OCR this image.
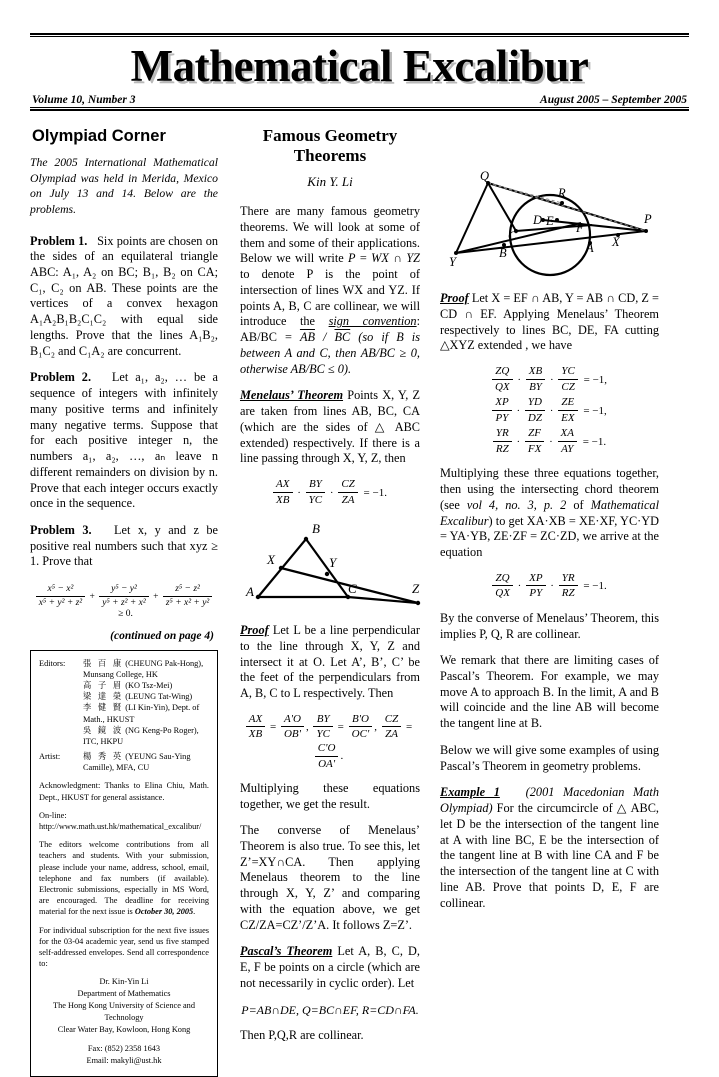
Mathematical Excalibur
Volume 10, Number 3	August 2005 – September 2005
Olympiad Corner
The 2005 International Mathematical Olympiad was held in Merida, Mexico on July 13 and 14. Below are the problems.

Problem 1. Six points are chosen on the sides of an equilateral triangle ABC: A₁, A₂ on BC; B₁, B₂ on CA; C₁, C₂ on AB. These points are the vertices of a convex hexagon A₁A₂B₁B₂C₁C₂ with equal side lengths. Prove that the lines A₁B₂, B₁C₂ and C₁A₂ are concurrent.

Problem 2. Let a₁, a₂, … be a sequence of integers with infinitely many positive terms and infinitely many negative terms. Suppose that for each positive integer n, the numbers a₁, a₂, …, aₙ leave n different remainders on division by n. Prove that each integer occurs exactly once in the sequence.

Problem 3. Let x, y and z be positive real numbers such that xyz ≥ 1. Prove that

$\frac{\text{x⁵ − x²}}{\text{x⁵ + y² + z²}} + \frac{\text{y⁵ − y²}}{\text{y⁵ + z² + x²}} + \frac{\text{z⁵ − z²}}{\text{z⁵ + x² + y²}}$
≥ 0.
(continued on page 4)
Editors:	張 百 康 (CHEUNG Pak-Hong), Munsang College, HK
高 子 眉 (KO Tsz-Mei)
梁 達 榮 (LEUNG Tat-Wing)
李 健 賢 (LI Kin-Yin), Dept. of Math., HKUST
吳 鏡 波 (NG Keng-Po Roger), ITC, HKPU
Artist:	楊 秀 英 (YEUNG Sau-Ying Camille), MFA, CU
Acknowledgment: Thanks to Elina Chiu, Math. Dept., HKUST for general assistance.
On-line:
http://www.math.ust.hk/mathematical_excalibur/
The editors welcome contributions from all teachers and students. With your submission, please include your name, address, school, email, telephone and fax numbers (if available). Electronic submissions, especially in MS Word, are encouraged. The deadline for receiving material for the next issue is October 30, 2005.
For individual subscription for the next five issues for the 03-04 academic year, send us five stamped self-addressed envelopes. Send all correspondence to:
Dr. Kin-Yin Li
Department of Mathematics
The Hong Kong University of Science and Technology
Clear Water Bay, Kowloon, Hong Kong
Fax: (852) 2358 1643
Email: makyli@ust.hk
Famous Geometry Theorems
Kin Y. Li

There are many famous geometry theorems. We will look at some of them and some of their applications. Below we will write P = WX ∩ YZ to denote P is the point of intersection of lines WX and YZ. If points A, B, C are collinear, we will introduce the sign convention: $AB/BC = \overline{AB} / \overline{BC}$ (so if B is between A and C, then AB/BC ≥ 0, otherwise AB/BC ≤ 0).

Menelaus’ Theorem Points X, Y, Z are taken from lines AB, BC, CA (which are the sides of △ ABC extended) respectively. If there is a line passing through X, Y, Z, then

$\frac{AX}{XB} \cdot \frac{BY}{YC} \cdot \frac{CZ}{ZA} = -1$.
A
B
C
X	Y
Z

Proof Let L be a line perpendicular to the line through X, Y, Z and intersect it at O. Let A’, B’, C’ be the feet of the perpendiculars from A, B, C to L respectively. Then

$\frac{AX}{XB} = \frac{A'O}{OB'}$ , $\frac{BY}{YC} = \frac{B'O}{OC'}$ , $\frac{CZ}{ZA}$ =
$\frac{C'O}{OA'}$ .

Multiplying these equations together, we get the result.

The converse of Menelaus’ Theorem is also true. To see this, let Z’=XY∩CA. Then applying Menelaus theorem to the line through X, Y, Z’ and comparing with the equation above, we get CZ/ZA=CZ’/Z’A. It follows Z=Z’.

Pascal’s Theorem Let A, B, C, D, E, F be points on a circle (which are not necessarily in cyclic order). Let

P=AB∩DE, Q=BC∩EF, R=CD∩FA.

Then P,Q,R are collinear.

Q
R
P
C
D E F
A
B
X
Y

Proof Let X = EF ∩ AB, Y = AB ∩ CD, Z = CD ∩ EF. Applying Menelaus’ Theorem respectively to lines BC, DE, FA cutting △XYZ extended , we have

$\frac{ZQ}{QX} \cdot \frac{XB}{BY} \cdot \frac{YC}{CZ} = -1$,
$\frac{XP}{PY} \cdot \frac{YD}{DZ} \cdot \frac{ZE}{EX} = -1$,
$\frac{YR}{RZ} \cdot \frac{ZF}{FX} \cdot \frac{XA}{AY} = -1$.

Multiplying these three equations together, then using the intersecting chord theorem (see vol 4, no. 3, p. 2 of Mathematical Excalibur) to get XA·XB = XE·XF, YC·YD = YA·YB, ZE·ZF = ZC·ZD, we arrive at the equation

$\frac{ZQ}{QX} \cdot \frac{XP}{PY} \cdot \frac{YR}{RZ} = -1$.

By the converse of Menelaus’ Theorem, this implies P, Q, R are collinear.

We remark that there are limiting cases of Pascal’s Theorem. For example, we may move A to approach B. In the limit, A and B will coincide and the line AB will become the tangent line at B.

Below we will give some examples of using Pascal’s Theorem in geometry problems.

Example 1 (2001 Macedonian Math Olympiad) For the circumcircle of △ ABC, let D be the intersection of the tangent line at A with line BC, E be the intersection of the tangent line at B with line CA and F be the intersection of the tangent line at C with line AB. Prove that points D, E, F are collinear.
